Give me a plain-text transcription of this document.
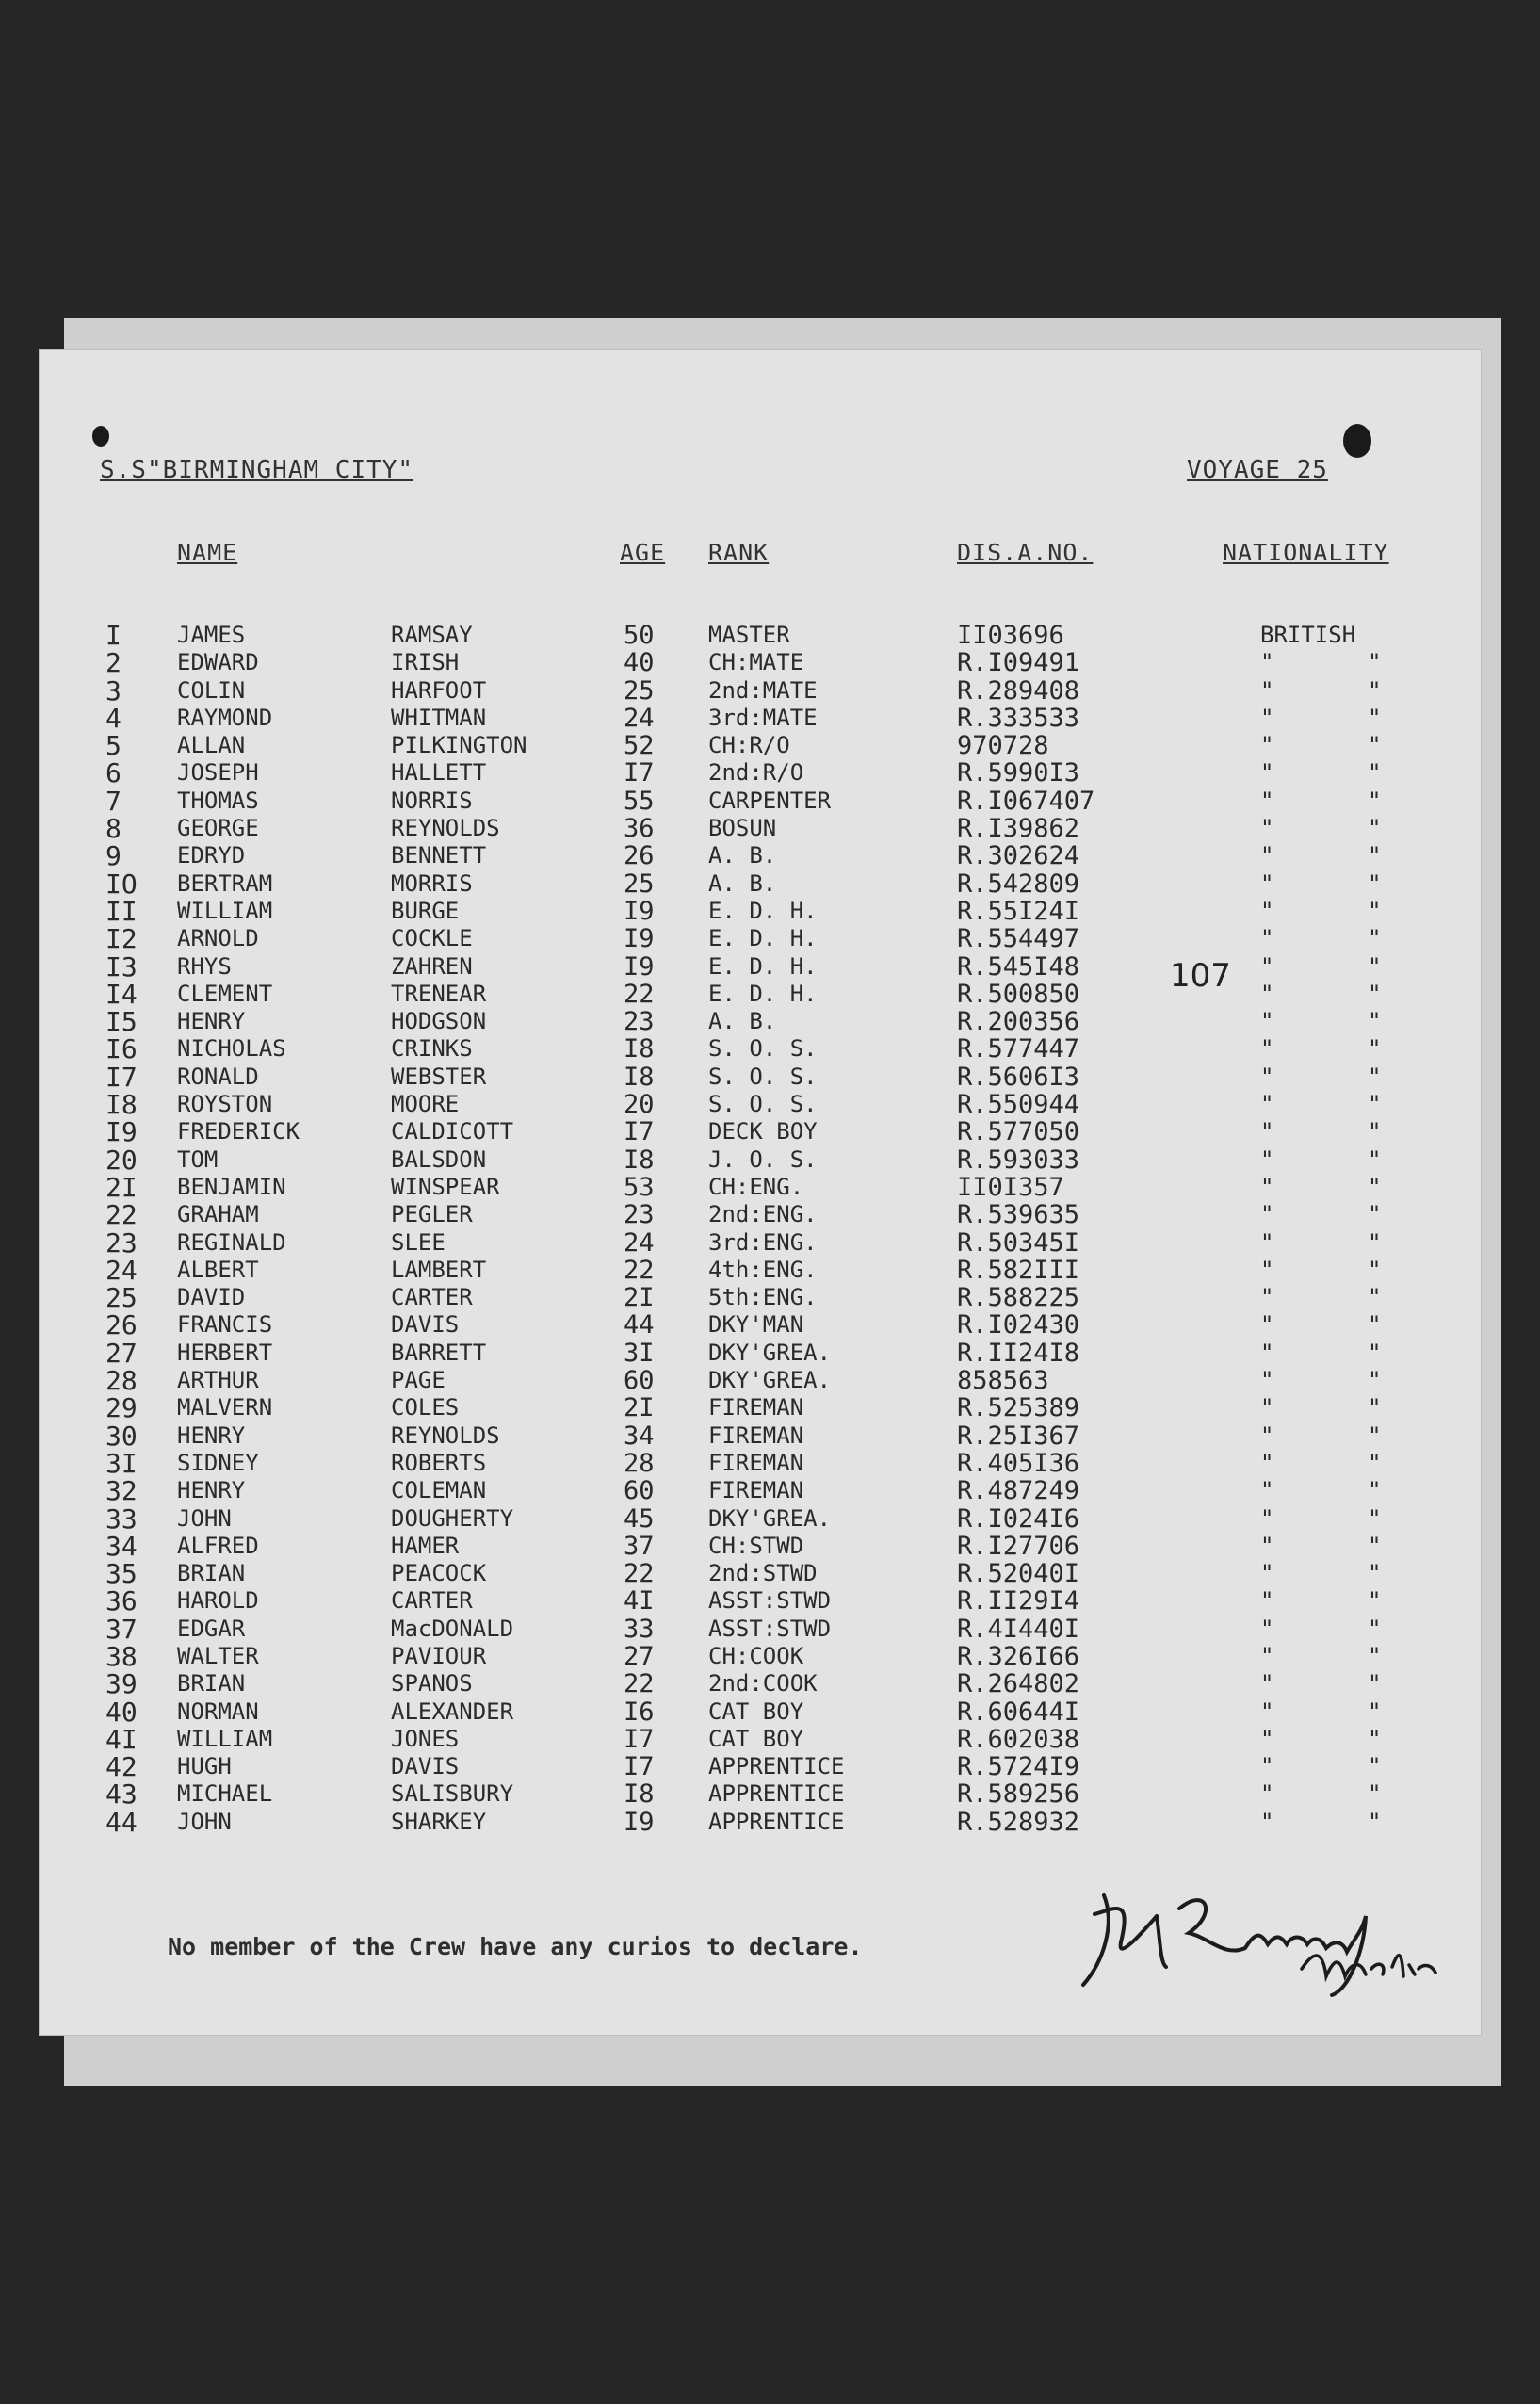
S.S"BIRMINGHAM CITY"	VOYAGE 25
NAME	AGE RANK	DIS.A.NO.	NATIONALITY
I JAMES	RAMSAY	50 MASTER	II03696	BRITISH
2 EDWARD	IRISH	40 CH:MATE	R.I09491	"	"
3 COLIN	HARFOOT	25 2nd:MATE	R.289408	"	"
4 RAYMOND	WHITMAN	24 3rd:MATE	R.333533	"	"
5 ALLAN	PILKINGTON	52 CH:R/O	970728	"	"
6 JOSEPH	HALLETT	I7 2nd:R/O	R.5990I3	"	"
7 THOMAS	NORRIS	55 CARPENTER	R.I067407	"	"
8 GEORGE	REYNOLDS	36 BOSUN	R.I39862	"	"
9 EDRYD	BENNETT	26 A. B.	R.302624	"	"
IO BERTRAM	MORRIS	25 A. B.	R.542809	"	"
II WILLIAM	BURGE	I9 E. D. H.	R.55I24I	"	"
I2 ARNOLD	COCKLE	I9 E. D. H.	R.554497	"	"
I3 RHYS	ZAHREN	I9 E. D. H.	R.545I48	"	"
I4 CLEMENT	TRENEAR	22 E. D. H.	R.500850	"	"
I5 HENRY	HODGSON	23 A. B.	R.200356	"	"
I6 NICHOLAS	CRINKS	I8 S. O. S.	R.577447	"	"
I7 RONALD	WEBSTER	I8 S. O. S.	R.5606I3	"	"
I8 ROYSTON	MOORE	20 S. O. S.	R.550944	"	"
I9 FREDERICK	CALDICOTT	I7 DECK BOY	R.577050	"	"
20 TOM	BALSDON	I8 J. O. S.	R.593033	"	"
2I BENJAMIN	WINSPEAR	53 CH:ENG.	II0I357	"	"
22 GRAHAM	PEGLER	23 2nd:ENG.	R.539635	"	"
23 REGINALD	SLEE	24 3rd:ENG.	R.50345I	"	"
24 ALBERT	LAMBERT	22 4th:ENG.	R.582III	"	"
25 DAVID	CARTER	2I 5th:ENG.	R.588225	"	"
26 FRANCIS	DAVIS	44 DKY'MAN	R.I02430	"	"
27 HERBERT	BARRETT	3I DKY'GREA.	R.II24I8	"	"
28 ARTHUR	PAGE	60 DKY'GREA.	858563	"	"
29 MALVERN	COLES	2I FIREMAN	R.525389	"	"
30 HENRY	REYNOLDS	34 FIREMAN	R.25I367	"	"
3I SIDNEY	ROBERTS	28 FIREMAN	R.405I36	"	"
32 HENRY	COLEMAN	60 FIREMAN	R.487249	"	"
33 JOHN	DOUGHERTY	45 DKY'GREA.	R.I024I6	"	"
34 ALFRED	HAMER	37 CH:STWD	R.I27706	"	"
35 BRIAN	PEACOCK	22 2nd:STWD	R.52040I	"	"
36 HAROLD	CARTER	4I ASST:STWD	R.II29I4	"	"
37 EDGAR	MacDONALD	33 ASST:STWD	R.4I440I	"	"
38 WALTER	PAVIOUR	27 CH:COOK	R.326I66	"	"
39 BRIAN	SPANOS	22 2nd:COOK	R.264802	"	"
40 NORMAN	ALEXANDER	I6 CAT BOY	R.60644I	"	"
4I WILLIAM	JONES	I7 CAT BOY	R.602038	"	"
42 HUGH	DAVIS	I7 APPRENTICE	R.5724I9	"	"
43 MICHAEL	SALISBURY	I8 APPRENTICE	R.589256	"	"
44 JOHN	SHARKEY	I9 APPRENTICE	R.528932	"	"
107
No member of the Crew have any curios to declare.
